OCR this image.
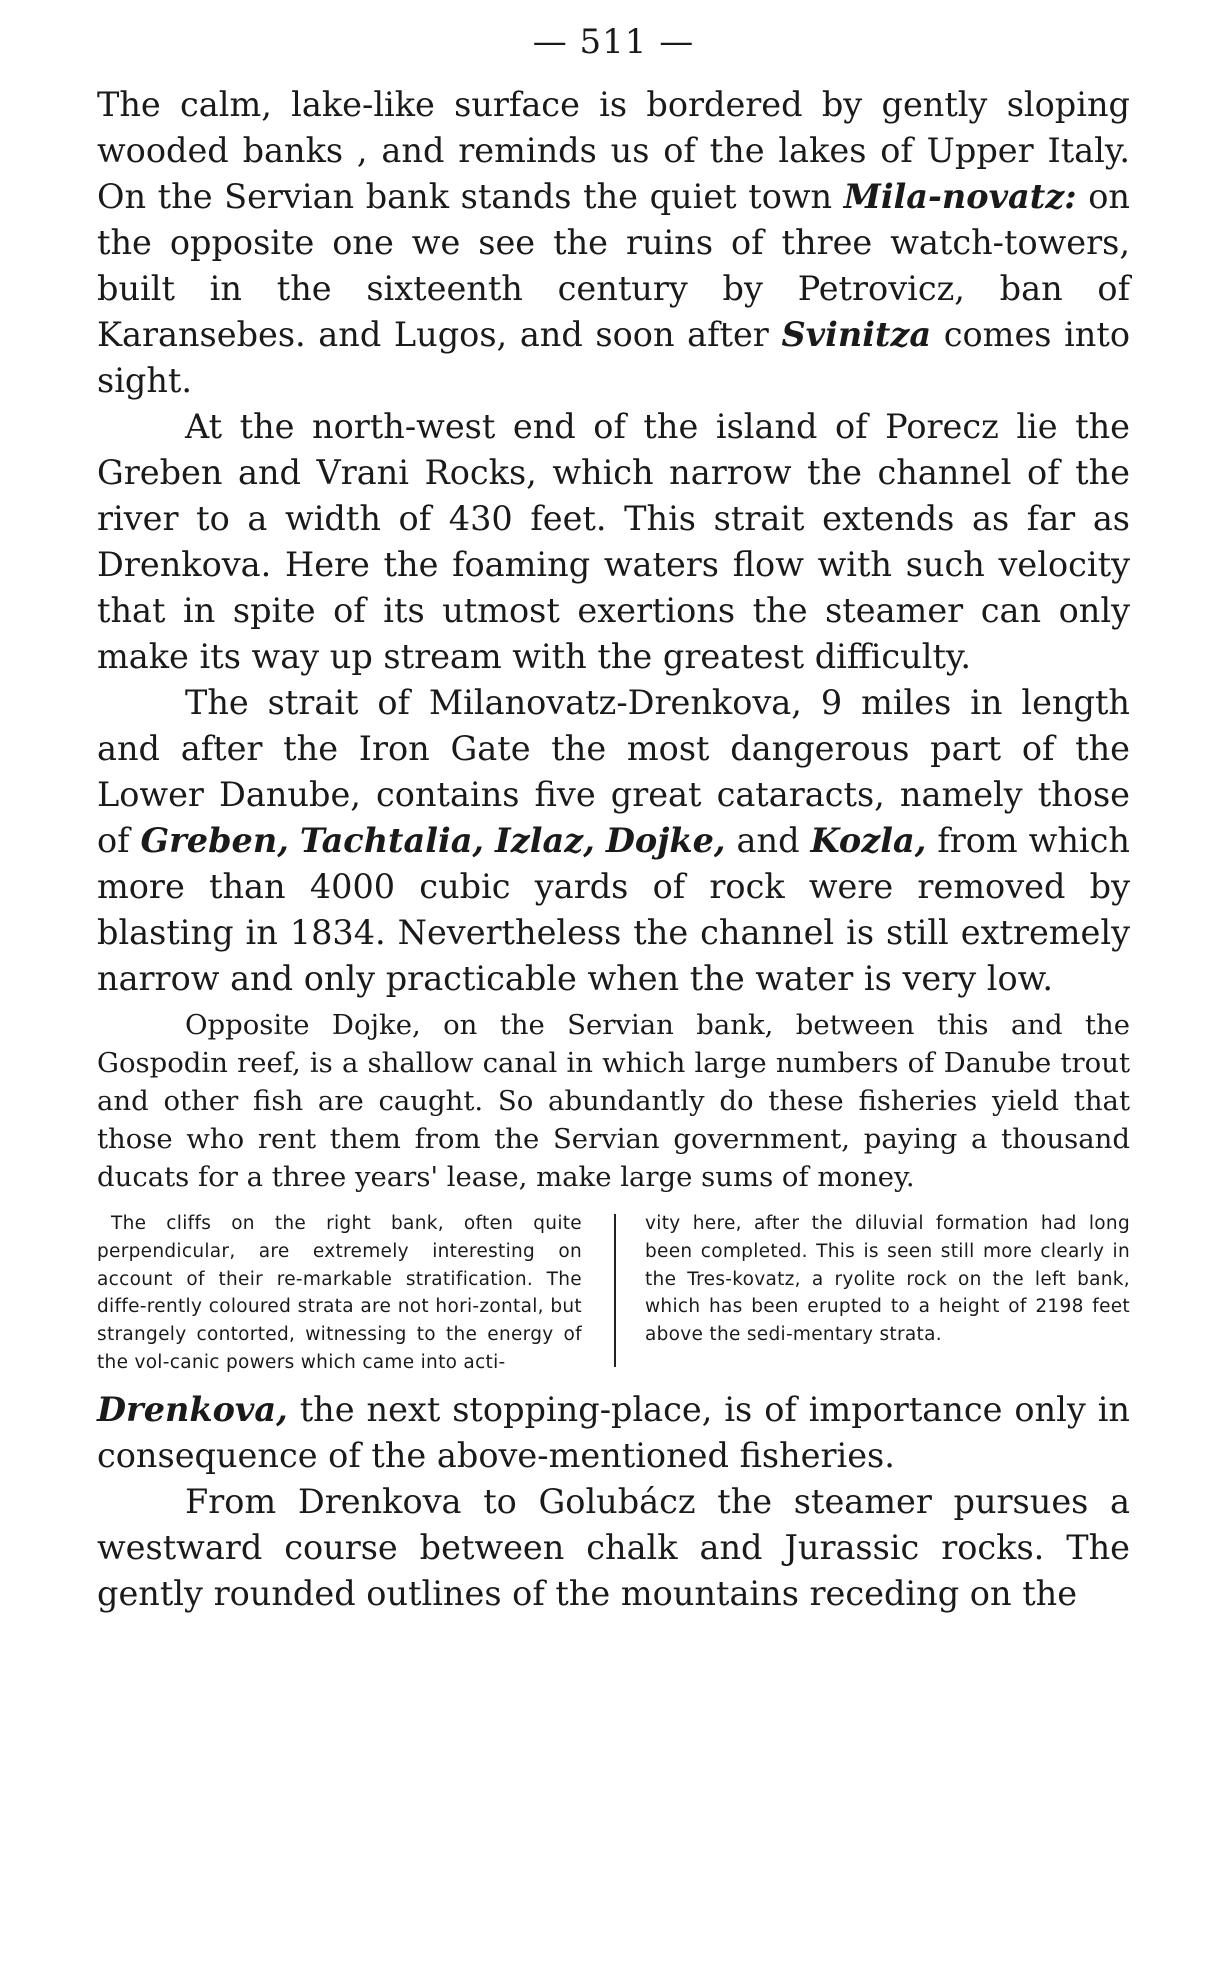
— 511 —

The calm, lake-like surface is bordered by gently sloping wooded banks , and reminds us of the lakes of Upper Italy. On the Servian bank stands the quiet town Mila-novatz: on the opposite one we see the ruins of three watch-towers, built in the sixteenth century by Petrovicz, ban of Karansebes. and Lugos, and soon after Svinitza comes into sight.

At the north-west end of the island of Porecz lie the Greben and Vrani Rocks, which narrow the channel of the river to a width of 430 feet. This strait extends as far as Drenkova. Here the foaming waters flow with such velocity that in spite of its utmost exertions the steamer can only make its way up stream with the greatest difficulty.

The strait of Milanovatz-Drenkova, 9 miles in length and after the Iron Gate the most dangerous part of the Lower Danube, contains five great cataracts, namely those of Greben, Tachtalia, Izlaz, Dojke, and Kozla, from which more than 4000 cubic yards of rock were removed by blasting in 1834. Nevertheless the channel is still extremely narrow and only practicable when the water is very low.

Opposite Dojke, on the Servian bank, between this and the Gospodin reef, is a shallow canal in which large numbers of Danube trout and other fish are caught. So abundantly do these fisheries yield that those who rent them from the Servian government, paying a thousand ducats for a three years' lease, make large sums of money.

The cliffs on the right bank, often quite perpendicular, are extremely interesting on account of their re-markable stratification. The diffe-rently coloured strata are not hori-zontal, but strangely contorted, witnessing to the energy of the vol-canic powers which came into acti-

vity here, after the diluvial formation had long been completed. This is seen still more clearly in the Tres-kovatz, a ryolite rock on the left bank, which has been erupted to a height of 2198 feet above the sedi-mentary strata.

Drenkova, the next stopping-place, is of importance only in consequence of the above-mentioned fisheries.

From Drenkova to Golubácz the steamer pursues a westward course between chalk and Jurassic rocks. The gently rounded outlines of the mountains receding on the
